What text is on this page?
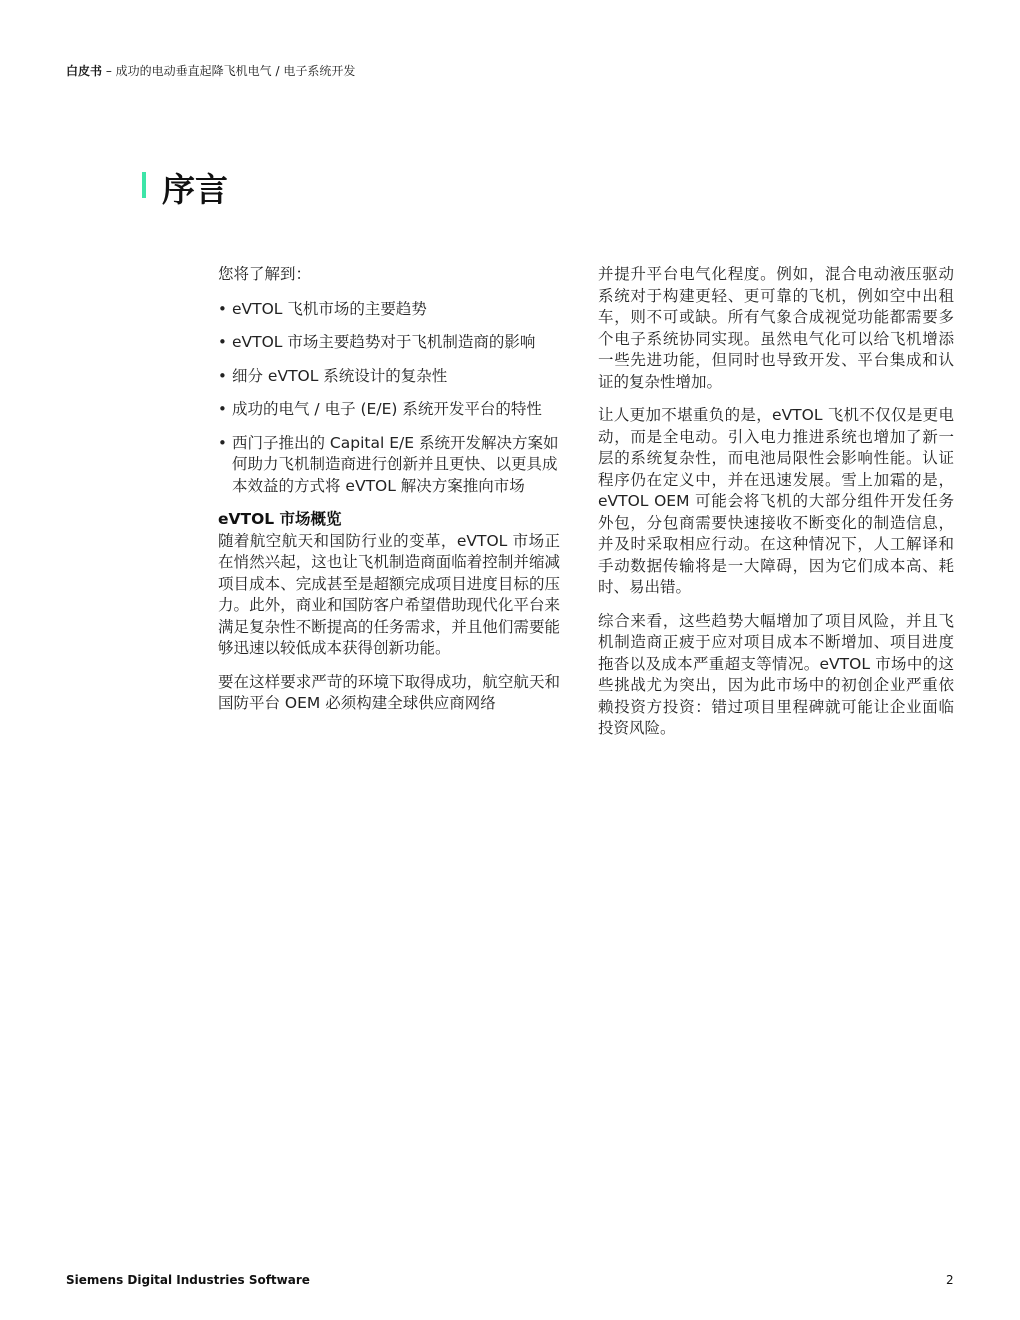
白皮书 – 成功的电动垂直起降飞机电气 / 电子系统开发
序言

您将了解到：

• eVTOL 飞机市场的主要趋势
• eVTOL 市场主要趋势对于飞机制造商的影响
• 细分 eVTOL 系统设计的复杂性
• 成功的电气 / 电子 (E/E) 系统开发平台的特性
• 西门子推出的 Capital E/E 系统开发解决方案如何助力飞机制造商进行创新并且更快、以更具成本效益的方式将 eVTOL 解决方案推向市场

eVTOL 市场概览

随着航空航天和国防行业的变革，eVTOL 市场正在悄然兴起，这也让飞机制造商面临着控制并缩减项目成本、完成甚至是超额完成项目进度目标的压力。此外，商业和国防客户希望借助现代化平台来满足复杂性不断提高的任务需求，并且他们需要能够迅速以较低成本获得创新功能。

要在这样要求严苛的环境下取得成功，航空航天和国防平台 OEM 必须构建全球供应商网络

并提升平台电气化程度。例如，混合电动液压驱动系统对于构建更轻、更可靠的飞机，例如空中出租车，则不可或缺。所有气象合成视觉功能都需要多个电子系统协同实现。虽然电气化可以给飞机增添一些先进功能，但同时也导致开发、平台集成和认证的复杂性增加。

让人更加不堪重负的是，eVTOL 飞机不仅仅是更电动，而是全电动。引入电力推进系统也增加了新一层的系统复杂性，而电池局限性会影响性能。认证程序仍在定义中，并在迅速发展。雪上加霜的是，eVTOL OEM 可能会将飞机的大部分组件开发任务外包，分包商需要快速接收不断变化的制造信息，并及时采取相应行动。在这种情况下，人工解译和手动数据传输将是一大障碍，因为它们成本高、耗时、易出错。

综合来看，这些趋势大幅增加了项目风险，并且飞机制造商正疲于应对项目成本不断增加、项目进度拖沓以及成本严重超支等情况。eVTOL 市场中的这些挑战尤为突出，因为此市场中的初创企业严重依赖投资方投资：错过项目里程碑就可能让企业面临投资风险。

Siemens Digital Industries Software	2
